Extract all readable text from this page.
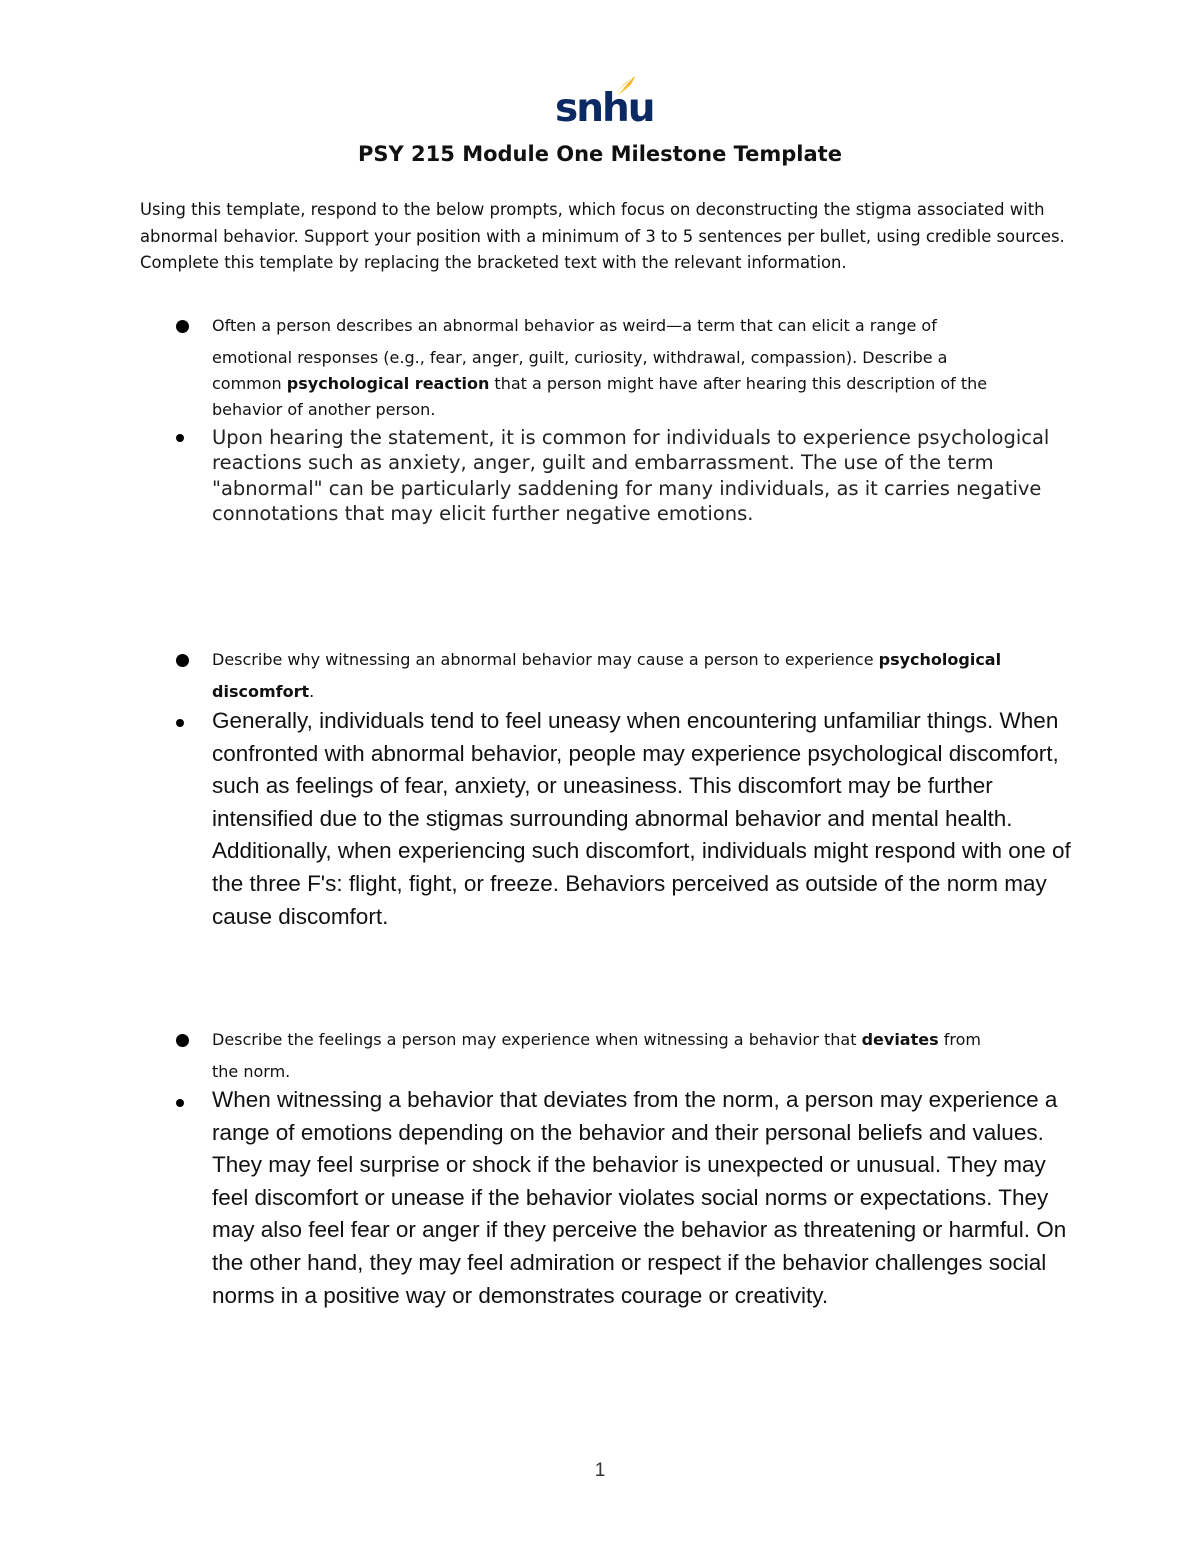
snhu
PSY 215 Module One Milestone Template

Using this template, respond to the below prompts, which focus on deconstructing the stigma associated with abnormal behavior. Support your position with a minimum of 3 to 5 sentences per bullet, using credible sources. Complete this template by replacing the bracketed text with the relevant information.

Often a person describes an abnormal behavior as weird—a term that can elicit a range of
emotional responses (e.g., fear, anger, guilt, curiosity, withdrawal, compassion). Describe a
common psychological reaction that a person might have after hearing this description of the
behavior of another person.
Upon hearing the statement, it is common for individuals to experience psychological reactions such as anxiety, anger, guilt and embarrassment. The use of the term "abnormal" can be particularly saddening for many individuals, as it carries negative connotations that may elicit further negative emotions.
Describe why witnessing an abnormal behavior may cause a person to experience psychological
discomfort.
Generally, individuals tend to feel uneasy when encountering unfamiliar things. When confronted with abnormal behavior, people may experience psychological discomfort, such as feelings of fear, anxiety, or uneasiness. This discomfort may be further intensified due to the stigmas surrounding abnormal behavior and mental health. Additionally, when experiencing such discomfort, individuals might respond with one of the three F's: flight, fight, or freeze. Behaviors perceived as outside of the norm may cause discomfort.
Describe the feelings a person may experience when witnessing a behavior that deviates from
the norm.
When witnessing a behavior that deviates from the norm, a person may experience a range of emotions depending on the behavior and their personal beliefs and values. They may feel surprise or shock if the behavior is unexpected or unusual. They may feel discomfort or unease if the behavior violates social norms or expectations. They may also feel fear or anger if they perceive the behavior as threatening or harmful. On the other hand, they may feel admiration or respect if the behavior challenges social norms in a positive way or demonstrates courage or creativity.
1
